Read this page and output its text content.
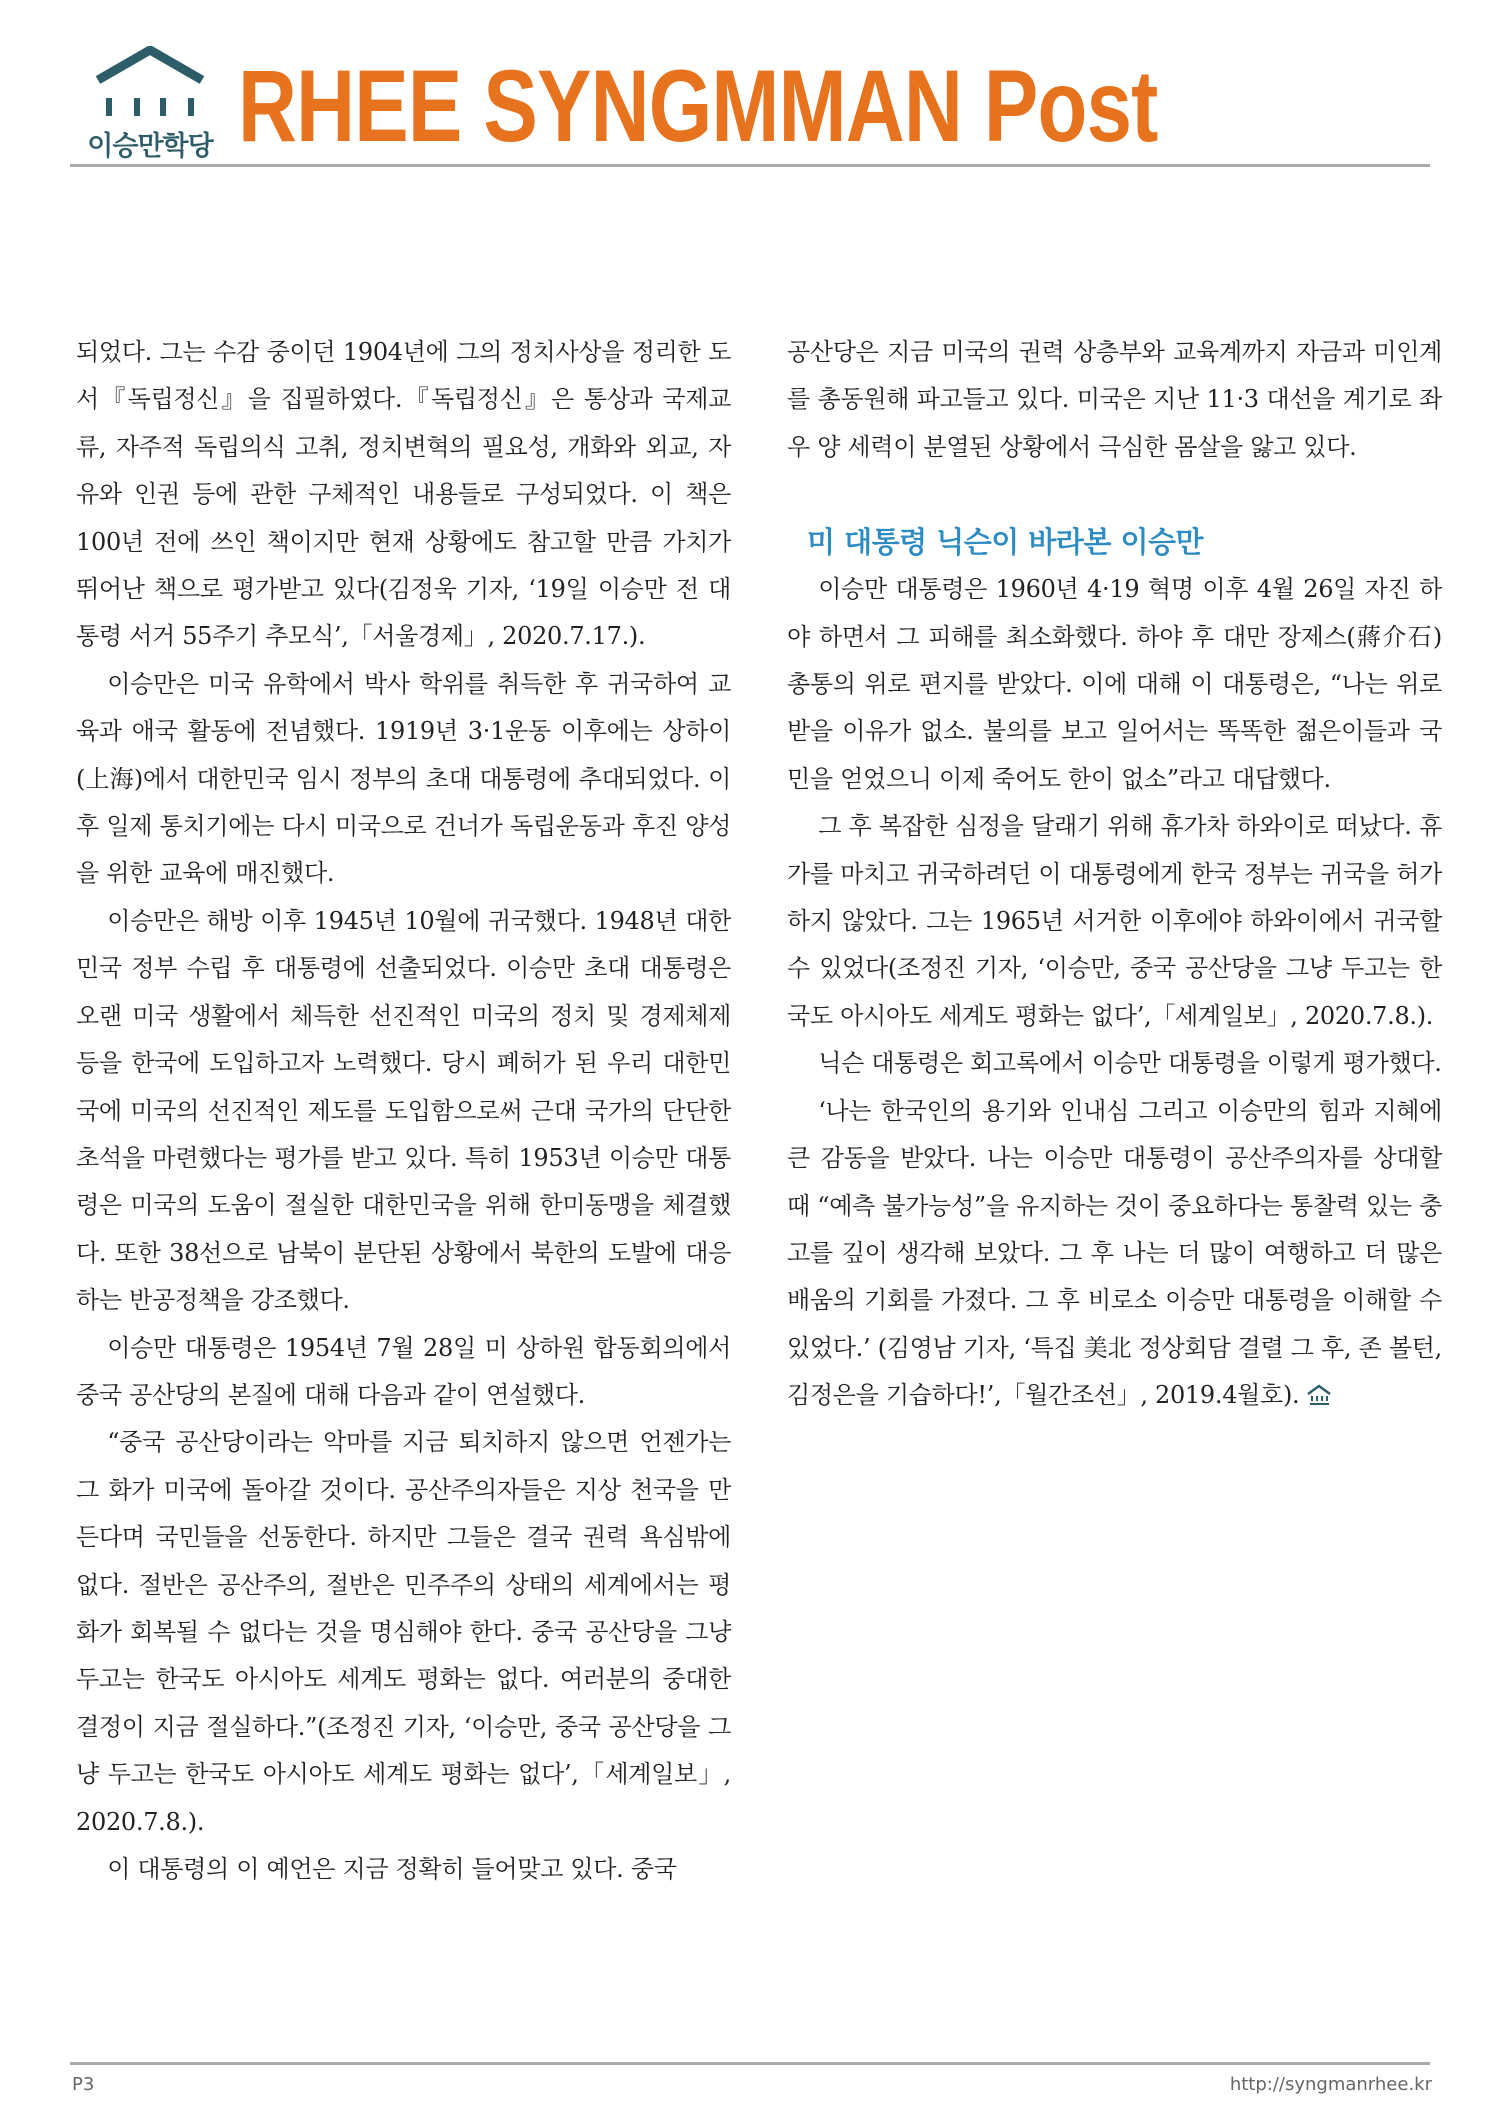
이승만학당 RHEE SYNGMMAN Post

되었다. 그는 수감 중이던 1904년에 그의 정치사상을 정리한 도서『독립정신』을 집필하였다.『독립정신』은 통상과 국제교류, 자주적 독립의식 고취, 정치변혁의 필요성, 개화와 외교, 자유와 인권 등에 관한 구체적인 내용들로 구성되었다. 이 책은 100년 전에 쓰인 책이지만 현재 상황에도 참고할 만큼 가치가 뛰어난 책으로 평가받고 있다(김정욱 기자, ‘19일 이승만 전 대통령 서거 55주기 추모식’,「서울경제」, 2020.7.17.).

이승만은 미국 유학에서 박사 학위를 취득한 후 귀국하여 교육과 애국 활동에 전념했다. 1919년 3·1운동 이후에는 상하이(上海)에서 대한민국 임시 정부의 초대 대통령에 추대되었다. 이후 일제 통치기에는 다시 미국으로 건너가 독립운동과 후진 양성을 위한 교육에 매진했다.

이승만은 해방 이후 1945년 10월에 귀국했다. 1948년 대한민국 정부 수립 후 대통령에 선출되었다. 이승만 초대 대통령은 오랜 미국 생활에서 체득한 선진적인 미국의 정치 및 경제체제 등을 한국에 도입하고자 노력했다. 당시 폐허가 된 우리 대한민국에 미국의 선진적인 제도를 도입함으로써 근대 국가의 단단한 초석을 마련했다는 평가를 받고 있다. 특히 1953년 이승만 대통령은 미국의 도움이 절실한 대한민국을 위해 한미동맹을 체결했다. 또한 38선으로 남북이 분단된 상황에서 북한의 도발에 대응하는 반공정책을 강조했다.

이승만 대통령은 1954년 7월 28일 미 상하원 합동회의에서 중국 공산당의 본질에 대해 다음과 같이 연설했다.

“중국 공산당이라는 악마를 지금 퇴치하지 않으면 언젠가는 그 화가 미국에 돌아갈 것이다. 공산주의자들은 지상 천국을 만든다며 국민들을 선동한다. 하지만 그들은 결국 권력 욕심밖에 없다. 절반은 공산주의, 절반은 민주주의 상태의 세계에서는 평화가 회복될 수 없다는 것을 명심해야 한다. 중국 공산당을 그냥 두고는 한국도 아시아도 세계도 평화는 없다. 여러분의 중대한 결정이 지금 절실하다.”(조정진 기자, ‘이승만, 중국 공산당을 그냥 두고는 한국도 아시아도 세계도 평화는 없다’,「세계일보」, 2020.7.8.).

이 대통령의 이 예언은 지금 정확히 들어맞고 있다. 중국

공산당은 지금 미국의 권력 상층부와 교육계까지 자금과 미인계를 총동원해 파고들고 있다. 미국은 지난 11·3 대선을 계기로 좌우 양 세력이 분열된 상황에서 극심한 몸살을 앓고 있다.

미 대통령 닉슨이 바라본 이승만

이승만 대통령은 1960년 4·19 혁명 이후 4월 26일 자진 하야 하면서 그 피해를 최소화했다. 하야 후 대만 장제스(蔣介石) 총통의 위로 편지를 받았다. 이에 대해 이 대통령은, “나는 위로받을 이유가 없소. 불의를 보고 일어서는 똑똑한 젊은이들과 국민을 얻었으니 이제 죽어도 한이 없소”라고 대답했다.

그 후 복잡한 심정을 달래기 위해 휴가차 하와이로 떠났다. 휴가를 마치고 귀국하려던 이 대통령에게 한국 정부는 귀국을 허가하지 않았다. 그는 1965년 서거한 이후에야 하와이에서 귀국할 수 있었다(조정진 기자, ‘이승만, 중국 공산당을 그냥 두고는 한국도 아시아도 세계도 평화는 없다’,「세계일보」, 2020.7.8.).

닉슨 대통령은 회고록에서 이승만 대통령을 이렇게 평가했다.

‘나는 한국인의 용기와 인내심 그리고 이승만의 힘과 지혜에 큰 감동을 받았다. 나는 이승만 대통령이 공산주의자를 상대할 때 “예측 불가능성”을 유지하는 것이 중요하다는 통찰력 있는 충고를 깊이 생각해 보았다. 그 후 나는 더 많이 여행하고 더 많은 배움의 기회를 가졌다. 그 후 비로소 이승만 대통령을 이해할 수 있었다.’ (김영남 기자, ‘특집 美北 정상회담 결렬 그 후, 존 볼턴, 김정은을 기습하다!’,「월간조선」, 2019.4월호).

P3	http://syngmanrhee.kr
